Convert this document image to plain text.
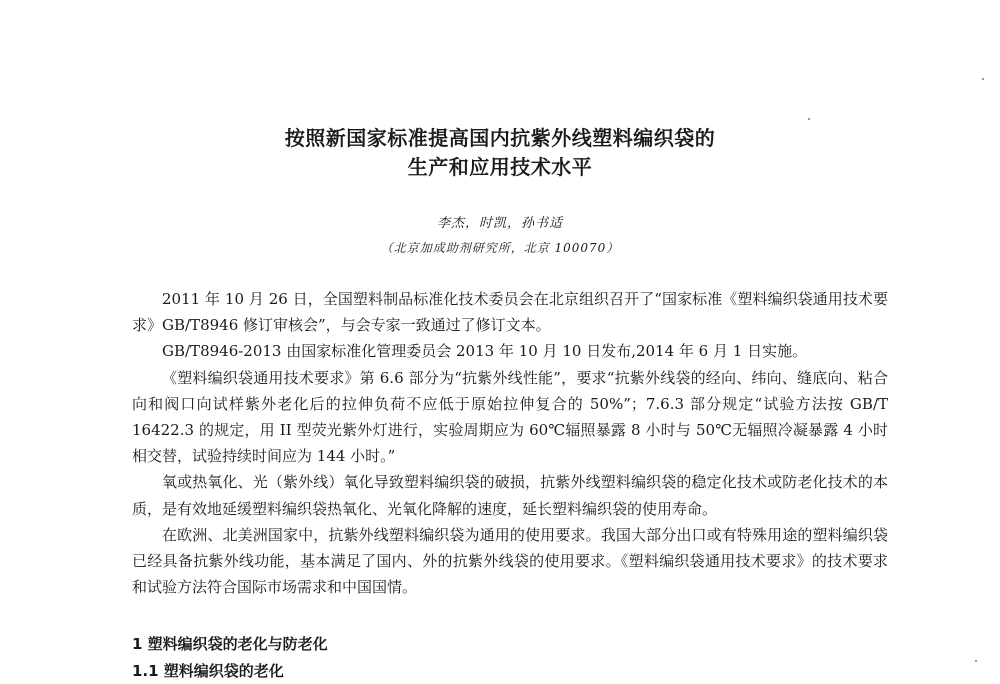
按照新国家标准提高国内抗紫外线塑料编织袋的
生产和应用技术水平
李杰，时凯，孙书适
（北京加成助剂研究所，北京 100070）

2011 年 10 月 26 日，全国塑料制品标准化技术委员会在北京组织召开了“国家标准《塑料编织袋通用技术要求》GB/T8946 修订审核会”，与会专家一致通过了修订文本。

GB/T8946-2013 由国家标准化管理委员会 2013 年 10 月 10 日发布,2014 年 6 月 1 日实施。

《塑料编织袋通用技术要求》第 6.6 部分为“抗紫外线性能”，要求“抗紫外线袋的经向、纬向、缝底向、粘合向和阀口向试样紫外老化后的拉伸负荷不应低于原始拉伸复合的 50%”；7.6.3 部分规定“试验方法按 GB/T 16422.3 的规定，用 II 型荧光紫外灯进行，实验周期应为 60℃辐照暴露 8 小时与 50℃无辐照冷凝暴露 4 小时相交替，试验持续时间应为 144 小时。”

氧或热氧化、光（紫外线）氧化导致塑料编织袋的破损，抗紫外线塑料编织袋的稳定化技术或防老化技术的本质，是有效地延缓塑料编织袋热氧化、光氧化降解的速度，延长塑料编织袋的使用寿命。

在欧洲、北美洲国家中，抗紫外线塑料编织袋为通用的使用要求。我国大部分出口或有特殊用途的塑料编织袋已经具备抗紫外线功能，基本满足了国内、外的抗紫外线袋的使用要求。《塑料编织袋通用技术要求》的技术要求和试验方法符合国际市场需求和中国国情。

1 塑料编织袋的老化与防老化
1.1 塑料编织袋的老化
